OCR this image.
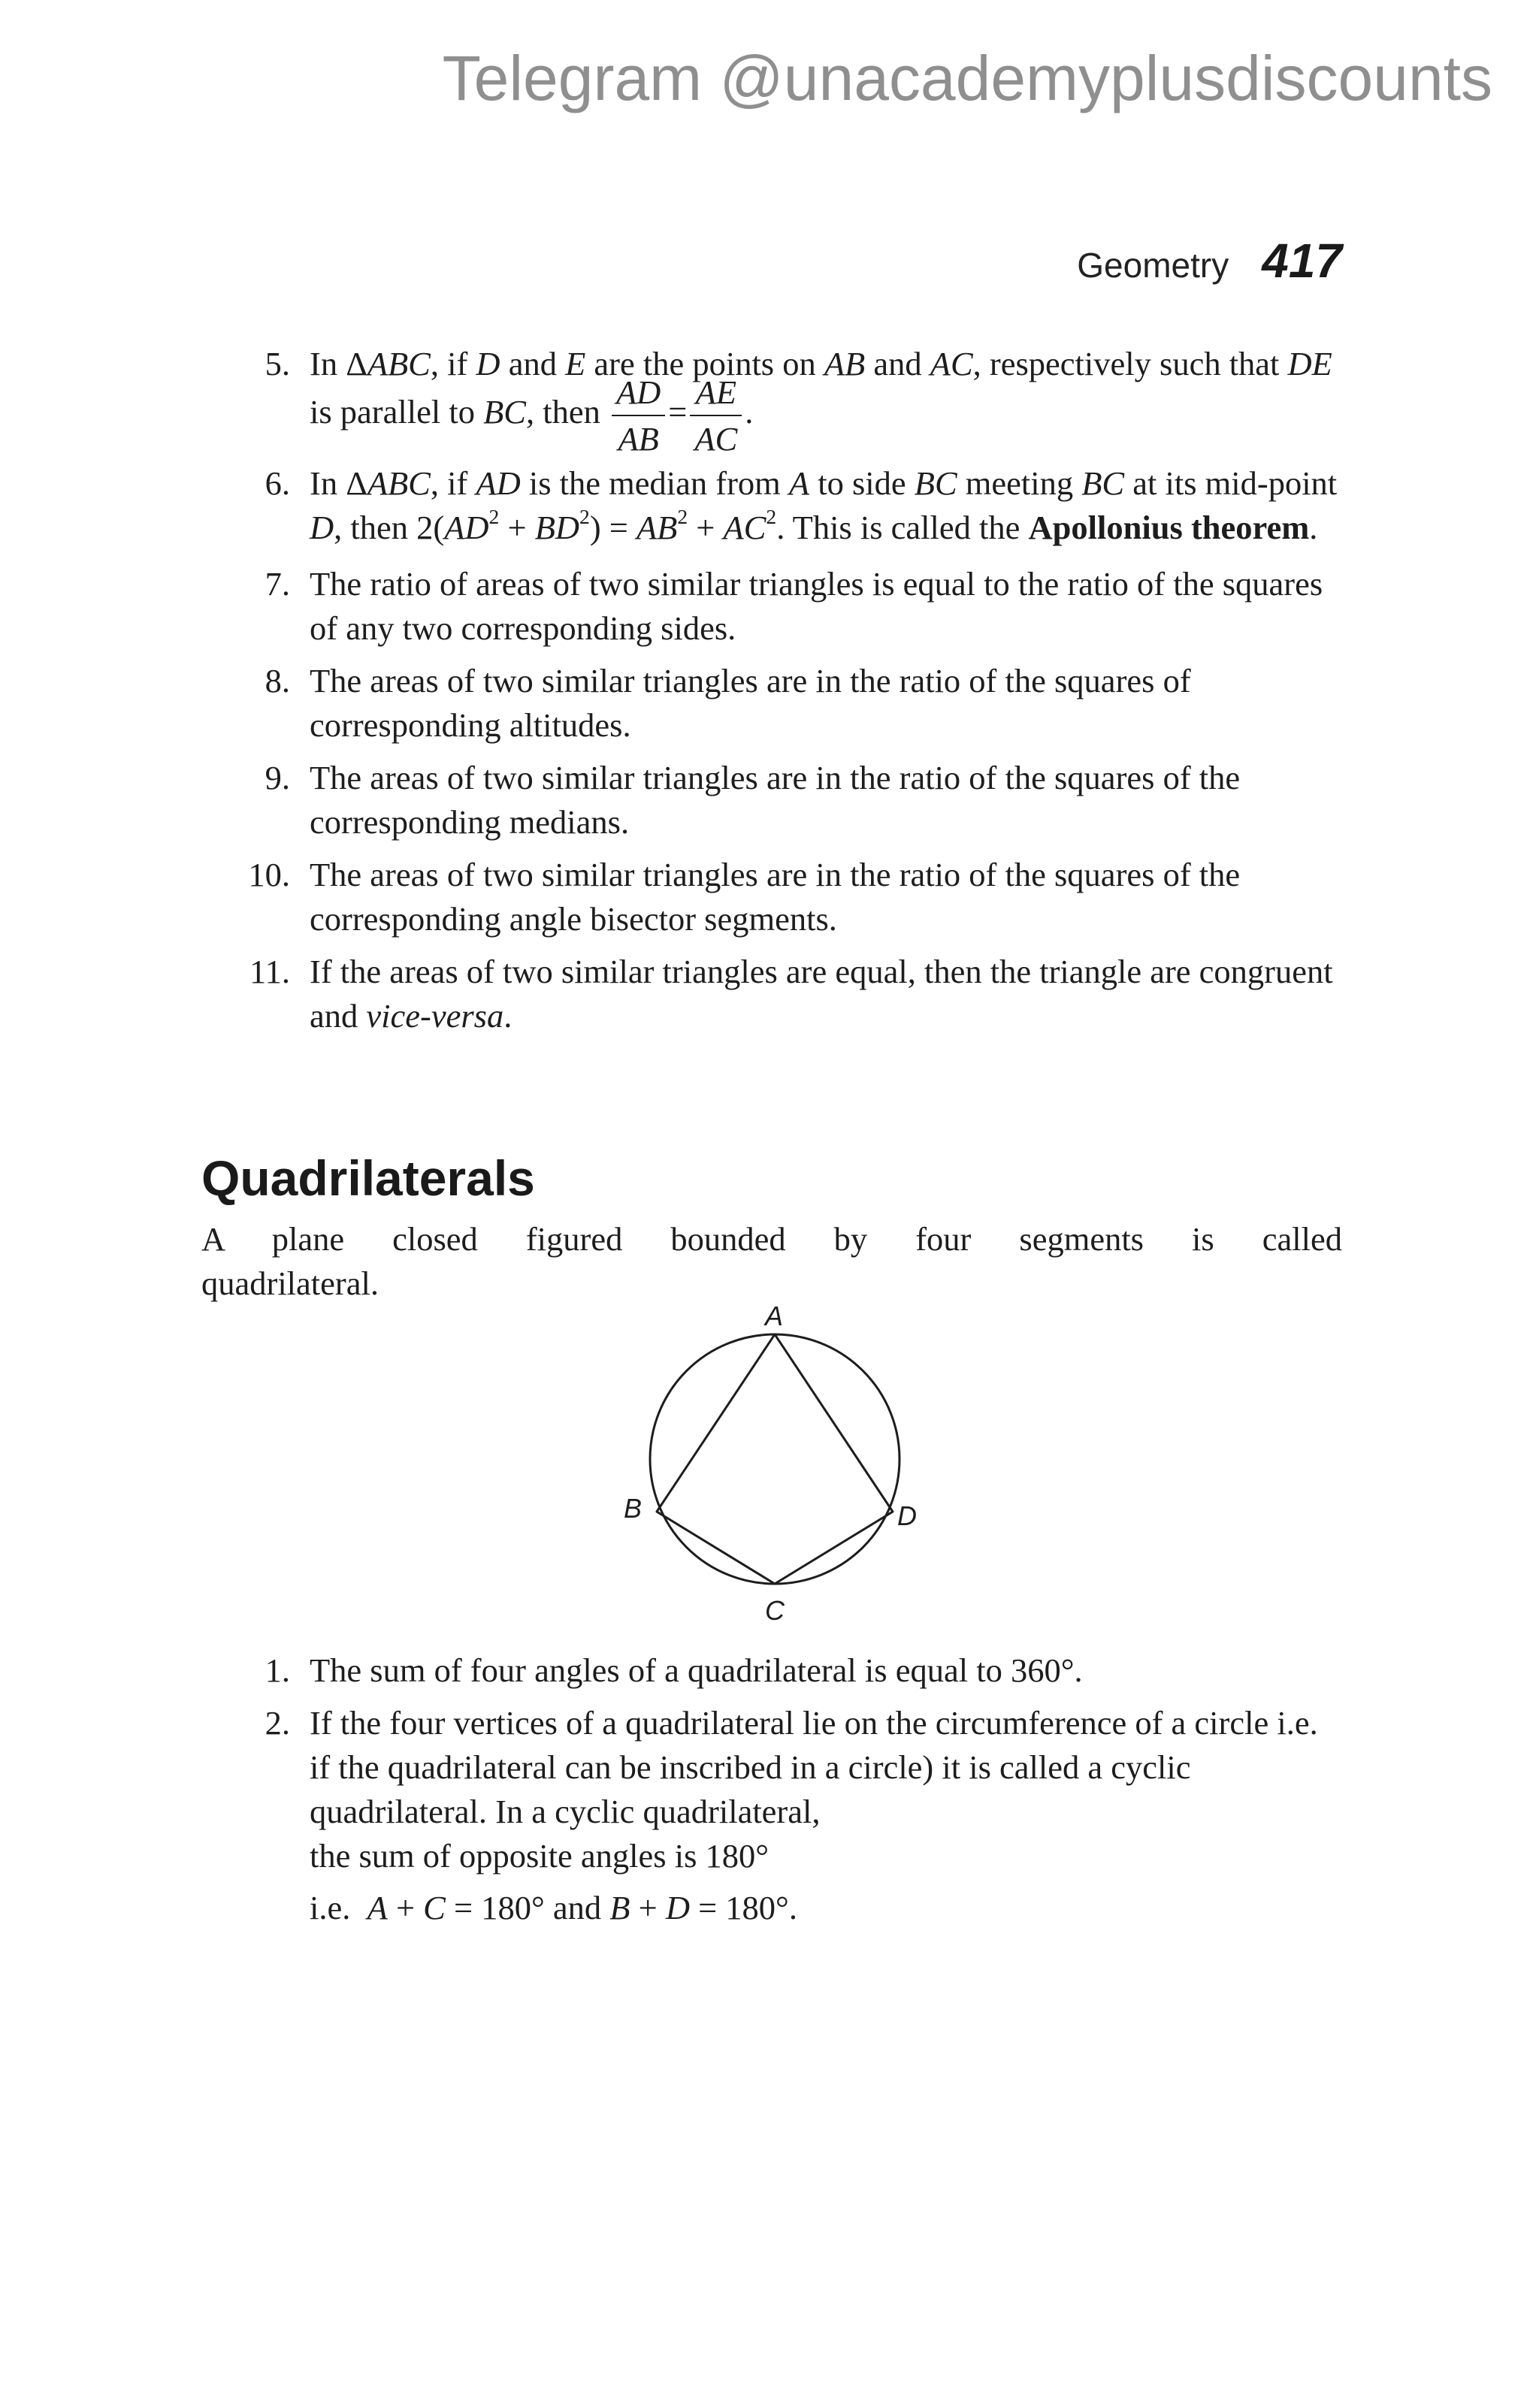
Telegram @unacademyplusdiscounts
Geometry 417
5. In ΔABC, if D and E are the points on AB and AC, respectively such that DE is parallel to BC, then $\frac{AD}{AB} = \frac{AE}{AC}$ .
6. In ΔABC, if AD is the median from A to side BC meeting BC at its mid-point D, then $2(AD^2 + BD^2) = AB^2 + AC^2$. This is called the Apollonius theorem.
7. The ratio of areas of two similar triangles is equal to the ratio of the squares of any two corresponding sides.
8. The areas of two similar triangles are in the ratio of the squares of corresponding altitudes.
9. The areas of two similar triangles are in the ratio of the squares of the corresponding medians.
10. The areas of two similar triangles are in the ratio of the squares of the corresponding angle bisector segments.
11. If the areas of two similar triangles are equal, then the triangle are congruent and vice-versa.
Quadrilaterals
A plane closed figured bounded by four segments is called
quadrilateral.
A
B
C
D
1. The sum of four angles of a quadrilateral is equal to 360°.
2. If the four vertices of a quadrilateral lie on the circumference of a circle i.e. if the quadrilateral can be inscribed in a circle) it is called a cyclic quadrilateral. In a cyclic quadrilateral,
the sum of opposite angles is 180°
i.e.  A + C = 180° and B + D = 180°.
